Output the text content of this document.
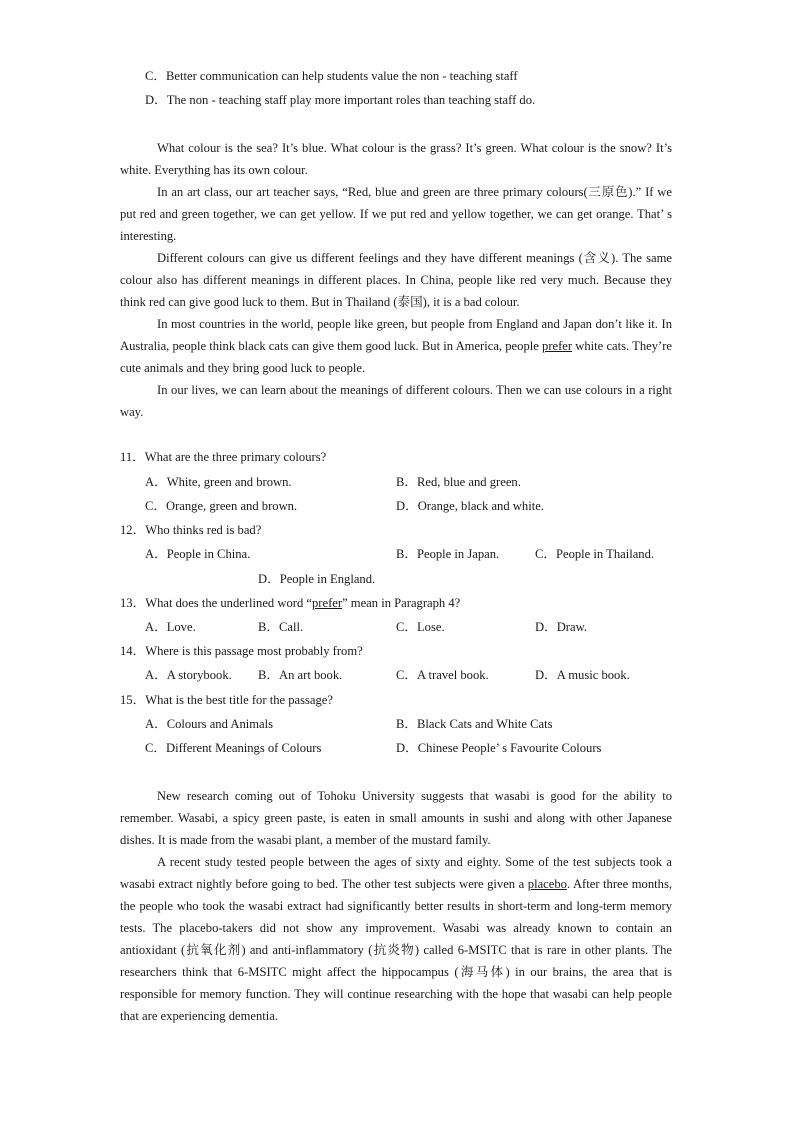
C．Better communication can help students value the non - teaching staff
D．The non - teaching staff play more important roles than teaching staff do.

What colour is the sea? It’s blue. What colour is the grass? It’s green. What colour is the snow? It’s white. Everything has its own colour.

In an art class, our art teacher says, “Red, blue and green are three primary colours(三原色).” If we put red and green together, we can get yellow. If we put red and yellow together, we can get orange. That’ s interesting.

Different colours can give us different feelings and they have different meanings (含义). The same colour also has different meanings in different places. In China, people like red very much. Because they think red can give good luck to them. But in Thailand (泰国), it is a bad colour.

In most countries in the world, people like green, but people from England and Japan don’t like it. In Australia, people think black cats can give them good luck. But in America, people prefer white cats. They’re cute animals and they bring good luck to people.

In our lives, we can learn about the meanings of different colours. Then we can use colours in a right way.

11．What are the three primary colours?
A．White, green and brown.	B．Red, blue and green.
C．Orange, green and brown.	D．Orange, black and white.
12．Who thinks red is bad?
A．People in China.	B．People in Japan.	C．People in Thailand.
D．People in England.
13．What does the underlined word “prefer” mean in Paragraph 4?
A．Love.	B．Call.	C．Lose.	D．Draw.
14．Where is this passage most probably from?
A．A storybook. B．An art book.	C．A travel book.	D．A music book.
15．What is the best title for the passage?
A．Colours and Animals	B．Black Cats and White Cats
C．Different Meanings of Colours	D．Chinese People’ s Favourite Colours

New research coming out of Tohoku University suggests that wasabi is good for the ability to remember. Wasabi, a spicy green paste, is eaten in small amounts in sushi and along with other Japanese dishes. It is made from the wasabi plant, a member of the mustard family.

A recent study tested people between the ages of sixty and eighty. Some of the test subjects took a wasabi extract nightly before going to bed. The other test subjects were given a placebo. After three months, the people who took the wasabi extract had significantly better results in short-term and long-term memory tests. The placebo-takers did not show any improvement. Wasabi was already known to contain an antioxidant (抗氧化剂) and anti-inflammatory (抗炎物) called 6-MSITC that is rare in other plants. The researchers think that 6-MSITC might affect the hippocampus (海马体) in our brains, the area that is responsible for memory function. They will continue researching with the hope that wasabi can help people that are experiencing dementia.
